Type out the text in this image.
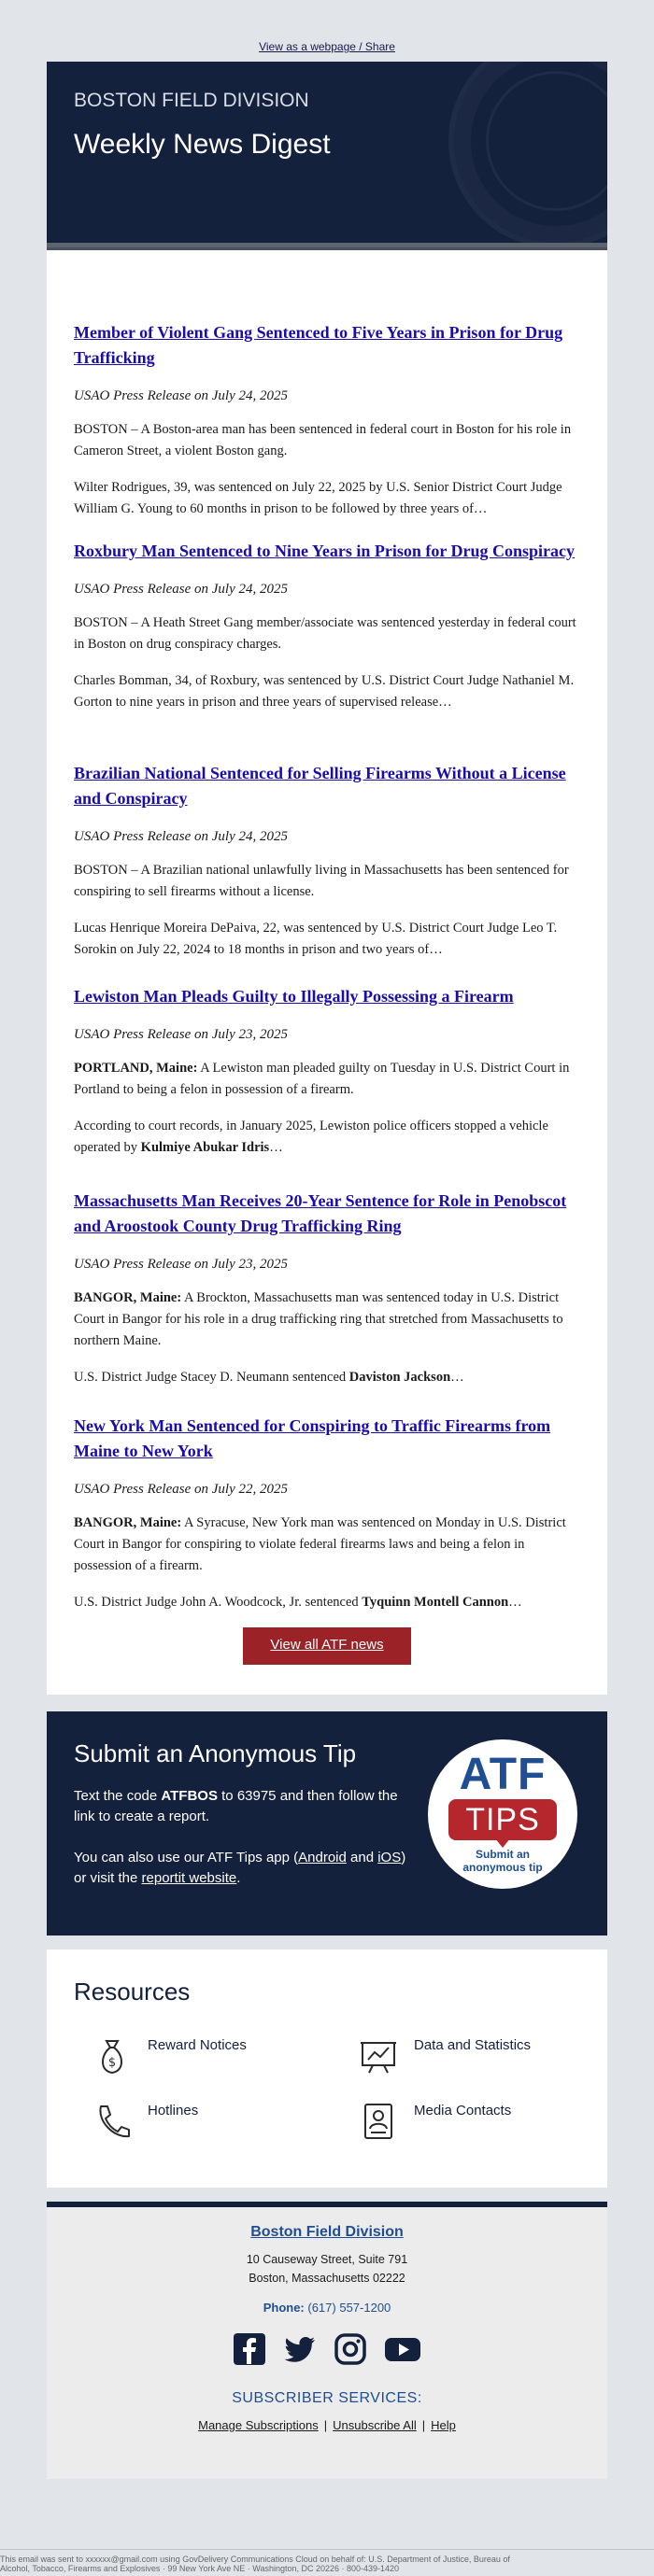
View as a webpage / Share
BOSTON FIELD DIVISION
Weekly News Digest
Member of Violent Gang Sentenced to Five Years in Prison for Drug Trafficking
USAO Press Release on July 24, 2025

BOSTON – A Boston-area man has been sentenced in federal court in Boston for his role in Cameron Street, a violent Boston gang.

Wilter Rodrigues, 39, was sentenced on July 22, 2025 by U.S. Senior District Court Judge William G. Young to 60 months in prison to be followed by three years of…

Roxbury Man Sentenced to Nine Years in Prison for Drug Conspiracy
USAO Press Release on July 24, 2025

BOSTON – A Heath Street Gang member/associate was sentenced yesterday in federal court in Boston on drug conspiracy charges.

Charles Bomman, 34, of Roxbury, was sentenced by U.S. District Court Judge Nathaniel M. Gorton to nine years in prison and three years of supervised release…

Brazilian National Sentenced for Selling Firearms Without a License and Conspiracy
USAO Press Release on July 24, 2025

BOSTON – A Brazilian national unlawfully living in Massachusetts has been sentenced for conspiring to sell firearms without a license.

Lucas Henrique Moreira DePaiva, 22, was sentenced by U.S. District Court Judge Leo T. Sorokin on July 22, 2024 to 18 months in prison and two years of…

Lewiston Man Pleads Guilty to Illegally Possessing a Firearm
USAO Press Release on July 23, 2025

PORTLAND, Maine: A Lewiston man pleaded guilty on Tuesday in U.S. District Court in Portland to being a felon in possession of a firearm.

According to court records, in January 2025, Lewiston police officers stopped a vehicle operated by Kulmiye Abukar Idris…

Massachusetts Man Receives 20-Year Sentence for Role in Penobscot and Aroostook County Drug Trafficking Ring
USAO Press Release on July 23, 2025

BANGOR, Maine: A Brockton, Massachusetts man was sentenced today in U.S. District Court in Bangor for his role in a drug trafficking ring that stretched from Massachusetts to northern Maine.

U.S. District Judge Stacey D. Neumann sentenced Daviston Jackson…

New York Man Sentenced for Conspiring to Traffic Firearms from Maine to New York
USAO Press Release on July 22, 2025

BANGOR, Maine: A Syracuse, New York man was sentenced on Monday in U.S. District Court in Bangor for conspiring to violate federal firearms laws and being a felon in possession of a firearm.

U.S. District Judge John A. Woodcock, Jr. sentenced Tyquinn Montell Cannon…

View all ATF news
Submit an Anonymous Tip

Text the code ATFBOS to 63975 and then follow the link to create a report.

You can also use our ATF Tips app (Android and iOS) or visit the reportit website.

ATF
TIPS
Submit an
anonymous tip
Resources
$
Reward Notices	Data and Statistics
Hotlines	Media Contacts
Boston Field Division
10 Causeway Street, Suite 791
Boston, Massachusetts 02222
Phone: (617) 557-1200
SUBSCRIBER SERVICES:
Manage Subscriptions | Unsubscribe All | Help
This email was sent to xxxxxx@gmail.com using GovDelivery Communications Cloud on behalf of: U.S. Department of Justice, Bureau of
Alcohol, Tobacco, Firearms and Explosives · 99 New York Ave NE · Washington, DC 20226 · 800-439-1420
